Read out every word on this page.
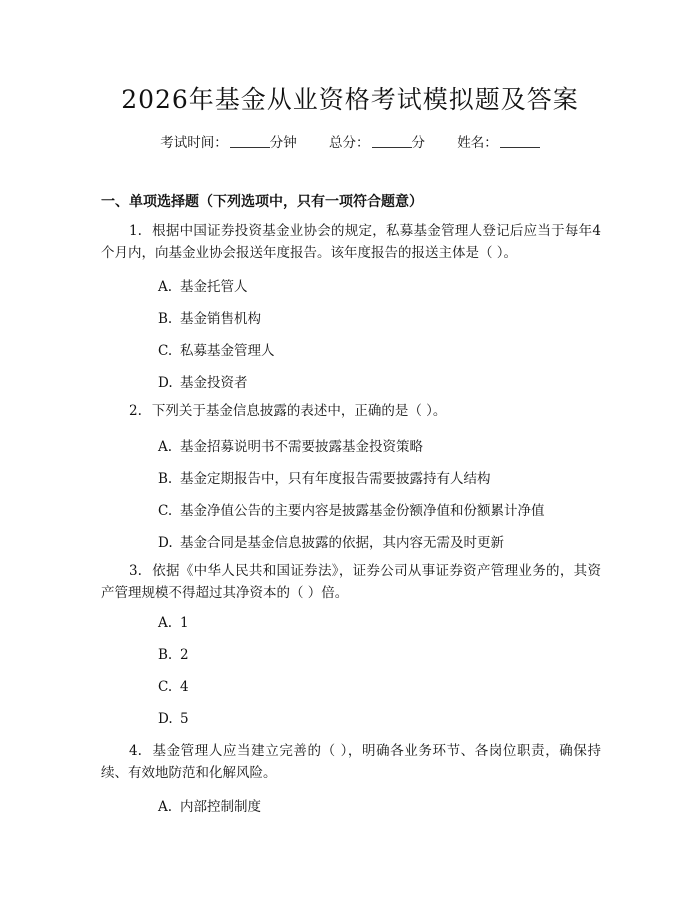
2026年基金从业资格考试模拟题及答案
考试时间：	分钟 总分：	分 姓名：
一、单项选择题（下列选项中，只有一项符合题意）
1. 根据中国证券投资基金业协会的规定，私募基金管理人登记后应当于每年4个月内，向基金业协会报送年度报告。该年度报告的报送主体是（ ）。
A. 基金托管人
B. 基金销售机构
C. 私募基金管理人
D. 基金投资者
2. 下列关于基金信息披露的表述中，正确的是（ ）。
A. 基金招募说明书不需要披露基金投资策略
B. 基金定期报告中，只有年度报告需要披露持有人结构
C. 基金净值公告的主要内容是披露基金份额净值和份额累计净值
D. 基金合同是基金信息披露的依据，其内容无需及时更新
3. 依据《中华人民共和国证券法》，证券公司从事证券资产管理业务的，其资产管理规模不得超过其净资本的（ ）倍。
A. 1
B. 2
C. 4
D. 5
4. 基金管理人应当建立完善的（ ），明确各业务环节、各岗位职责，确保持续、有效地防范和化解风险。
A. 内部控制制度
